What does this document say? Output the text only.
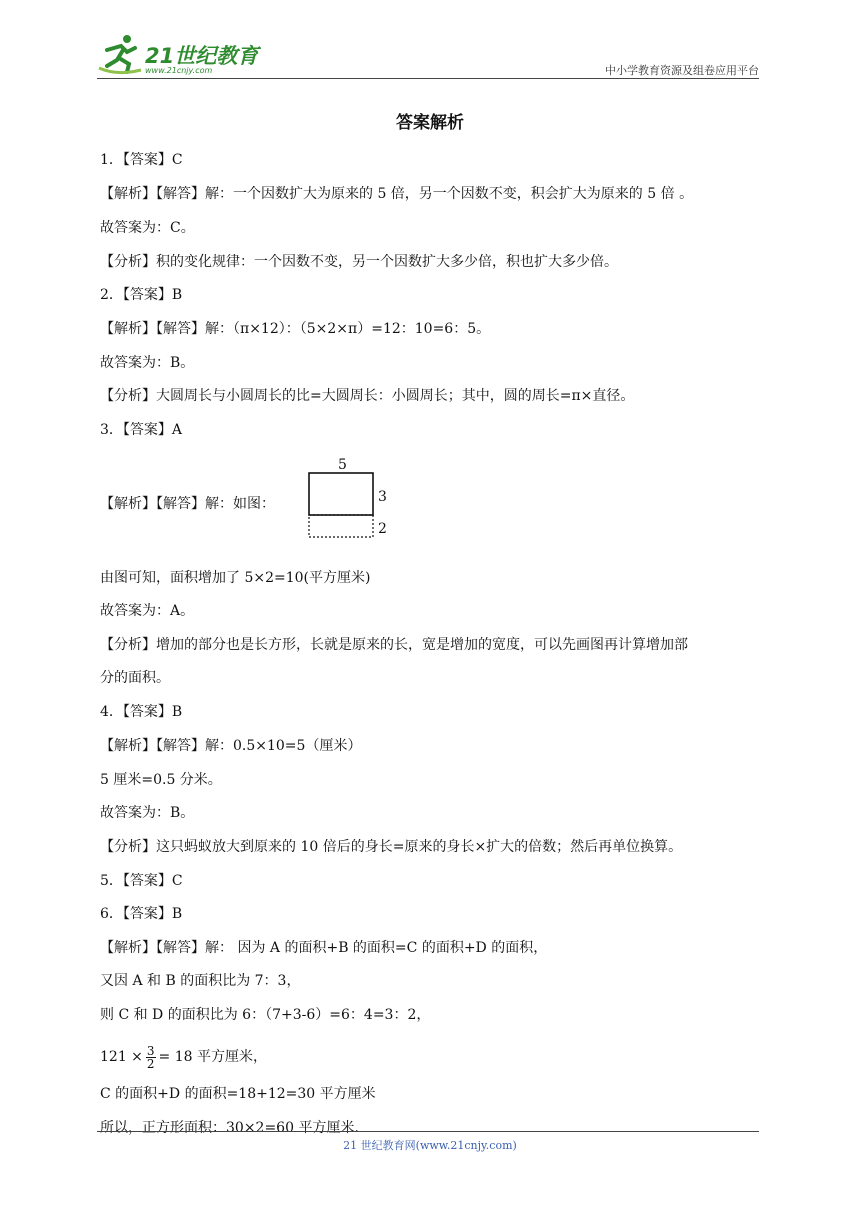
21世纪教育
www.21cnjy.com	中小学教育资源及组卷应用平台
答案解析
1．【答案】C
【解析】【解答】解：一个因数扩大为原来的 5 倍，另一个因数不变，积会扩大为原来的 5 倍 。
故答案为：C。
【分析】积的变化规律：一个因数不变，另一个因数扩大多少倍，积也扩大多少倍。
2．【答案】B
【解析】【解答】解：（π×12）：（5×2×π）=12：10=6：5。
故答案为：B。
【分析】大圆周长与小圆周长的比=大圆周长：小圆周长；其中，圆的周长=π×直径。
3．【答案】A
【解析】【解答】解：如图：
5
3
2
由图可知，面积增加了 5×2=10(平方厘米)
故答案为：A。
【分析】增加的部分也是长方形，长就是原来的长，宽是增加的宽度，可以先画图再计算增加部
分的面积。
4．【答案】B
【解析】【解答】解：0.5×10=5（厘米）
5 厘米=0.5 分米。
故答案为：B。
【分析】这只蚂蚁放大到原来的 10 倍后的身长=原来的身长×扩大的倍数；然后再单位换算。
5．【答案】C
6．【答案】B
【解析】【解答】解： 因为 A 的面积+B 的面积=C 的面积+D 的面积，
又因 A 和 B 的面积比为 7：3，
则 C 和 D 的面积比为 6：（7+3-6）=6：4=3：2，
$121 \times \frac{3}{2} = 18$ 平方厘米，
C 的面积+D 的面积=18+12=30 平方厘米
所以，正方形面积：30×2=60 平方厘米.
21 世纪教育网(www.21cnjy.com)
